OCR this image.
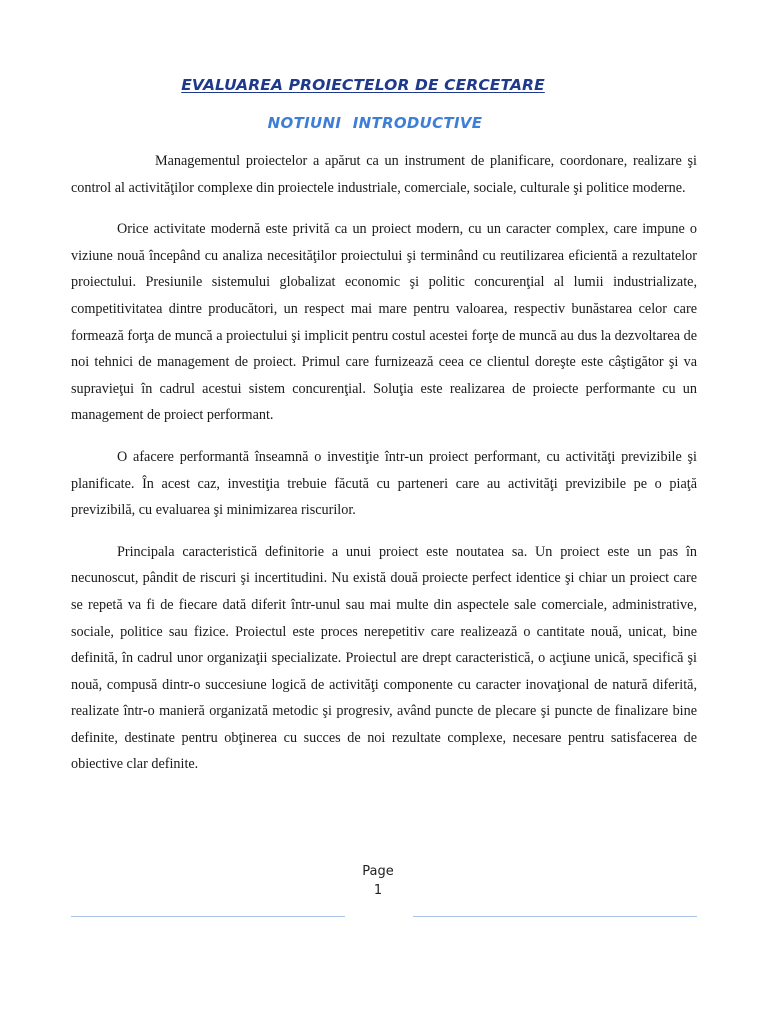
EVALUAREA PROIECTELOR DE CERCETARE
NOTIUNI INTRODUCTIVE

Managementul proiectelor a apărut ca un instrument de planificare, coordonare, realizare şi control al activităţilor complexe din proiectele industriale, comerciale, sociale, culturale şi politice moderne.

Orice activitate modernă este privită ca un proiect modern, cu un caracter complex, care impune o viziune nouă începând cu analiza necesităţilor proiectului şi terminând cu reutilizarea eficientă a rezultatelor proiectului. Presiunile sistemului globalizat economic şi politic concurenţial al lumii industrializate, competitivitatea dintre producători, un respect mai mare pentru valoarea, respectiv bunăstarea celor care formează forţa de muncă a proiectului şi implicit pentru costul acestei forţe de muncă au dus la dezvoltarea de noi tehnici de management de proiect. Primul care furnizează ceea ce clientul doreşte este câştigător şi va supravieţui în cadrul acestui sistem concurenţial. Soluţia este realizarea de proiecte performante cu un management de proiect performant.

O afacere performantă înseamnă o investiţie într-un proiect performant, cu activităţi previzibile şi planificate. În acest caz, investiţia trebuie făcută cu parteneri care au activităţi previzibile pe o piaţă previzibilă, cu evaluarea şi minimizarea riscurilor.

Principala caracteristică definitorie a unui proiect este noutatea sa. Un proiect este un pas în necunoscut, pândit de riscuri şi incertitudini. Nu există două proiecte perfect identice şi chiar un proiect care se repetă va fi de fiecare dată diferit într-unul sau mai multe din aspectele sale comerciale, administrative, sociale, politice sau fizice. Proiectul este proces nerepetitiv care realizează o cantitate nouă, unicat, bine definită, în cadrul unor organizaţii specializate. Proiectul are drept caracteristică, o acţiune unică, specifică şi nouă, compusă dintr-o succesiune logică de activităţi componente cu caracter inovaţional de natură diferită, realizate într-o manieră organizată metodic şi progresiv, având puncte de plecare şi puncte de finalizare bine definite, destinate pentru obţinerea cu succes de noi rezultate complexe, necesare pentru satisfacerea de obiective clar definite.

Page
1
